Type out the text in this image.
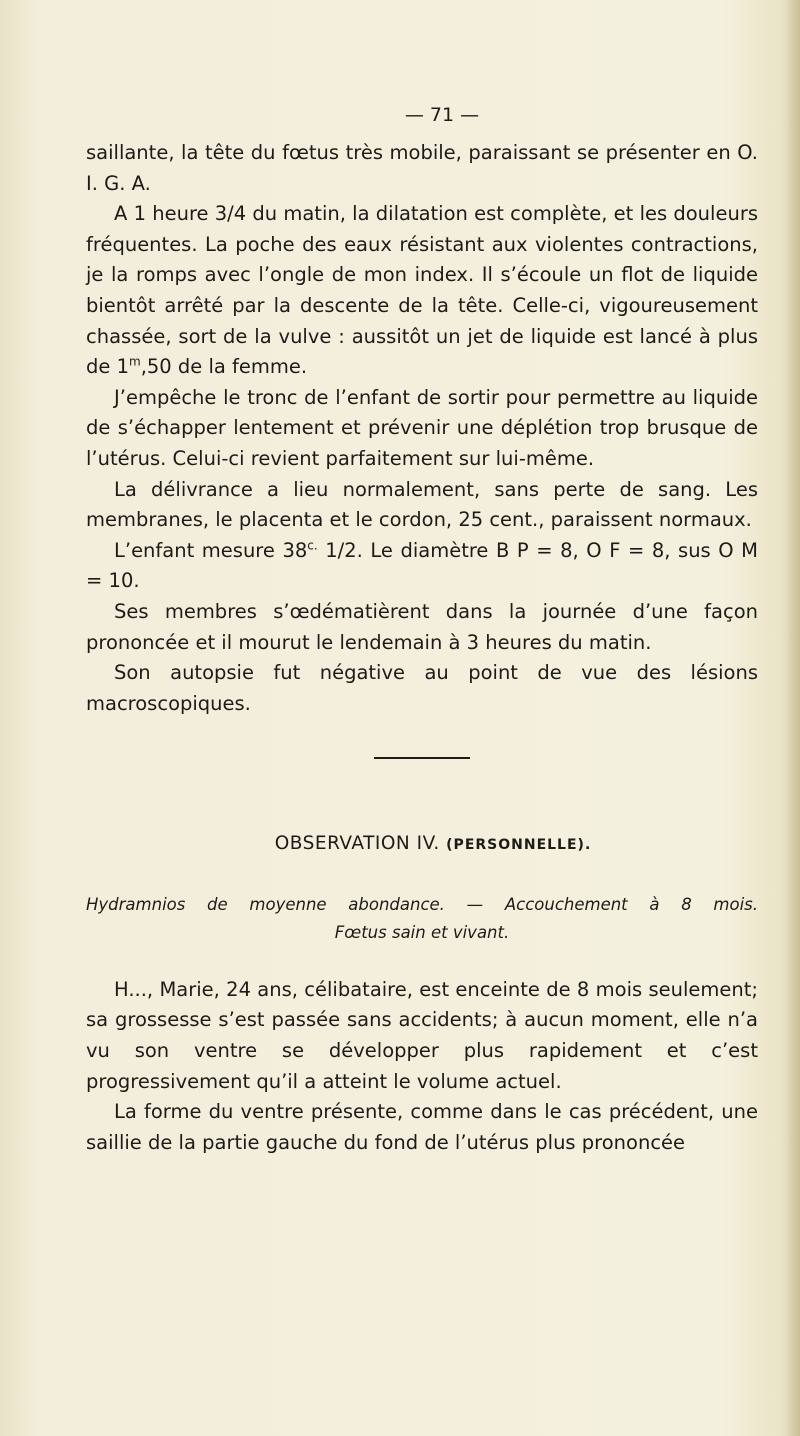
— 71 —

saillante, la tête du fœtus très mobile, paraissant se présenter en O. I. G. A.

A 1 heure 3/4 du matin, la dilatation est complète, et les douleurs fréquentes. La poche des eaux résistant aux violentes contractions, je la romps avec l’ongle de mon index. Il s’écoule un flot de liquide bientôt arrêté par la descente de la tête. Celle-ci, vigoureusement chassée, sort de la vulve : aussitôt un jet de liquide est lancé à plus de 1$^m$,50 de la femme.

J’empêche le tronc de l’enfant de sortir pour permettre au liquide de s’échapper lentement et prévenir une déplétion trop brusque de l’utérus. Celui-ci revient parfaitement sur lui-même.

La délivrance a lieu normalement, sans perte de sang. Les membranes, le placenta et le cordon, 25 cent., paraissent normaux.

L’enfant mesure $38^{c.}$ 1/2. Le diamètre B P = 8, O F = 8, sus O M = 10.

Ses membres s’œdématièrent dans la journée d’une façon prononcée et il mourut le lendemain à 3 heures du matin.

Son autopsie fut négative au point de vue des lésions macroscopiques.

OBSERVATION IV. (PERSONNELLE).
Hydramnios de moyenne abondance. — Accouchement à 8 mois.
Fœtus sain et vivant.

H..., Marie, 24 ans, célibataire, est enceinte de 8 mois seulement; sa grossesse s’est passée sans accidents; à aucun moment, elle n’a vu son ventre se développer plus rapidement et c’est progressivement qu’il a atteint le volume actuel.

La forme du ventre présente, comme dans le cas précédent, une saillie de la partie gauche du fond de l’utérus plus prononcée
